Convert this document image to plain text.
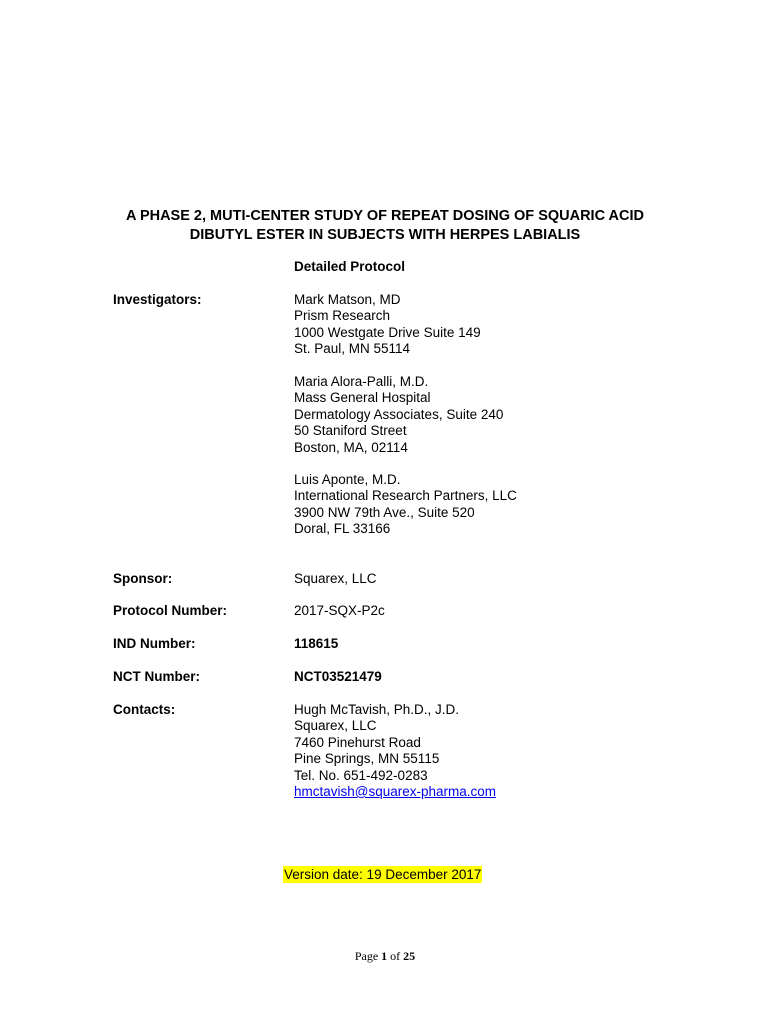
A PHASE 2, MUTI-CENTER STUDY OF REPEAT DOSING OF SQUARIC ACID
DIBUTYL ESTER IN SUBJECTS WITH HERPES LABIALIS
Detailed Protocol
Investigators:	Mark Matson, MD
Prism Research
1000 Westgate Drive Suite 149
St. Paul, MN 55114
Maria Alora-Palli, M.D.
Mass General Hospital
Dermatology Associates, Suite 240
50 Staniford Street
Boston, MA, 02114
Luis Aponte, M.D.
International Research Partners, LLC
3900 NW 79th Ave., Suite 520
Doral, FL 33166
Sponsor:	Squarex, LLC
Protocol Number:	2017-SQX-P2c
IND Number:	118615
NCT Number:	NCT03521479
Contacts:	Hugh McTavish, Ph.D., J.D.
Squarex, LLC
7460 Pinehurst Road
Pine Springs, MN 55115
Tel. No. 651-492-0283
hmctavish@squarex-pharma.com
Version date: 19 December 2017
Page 1 of 25
